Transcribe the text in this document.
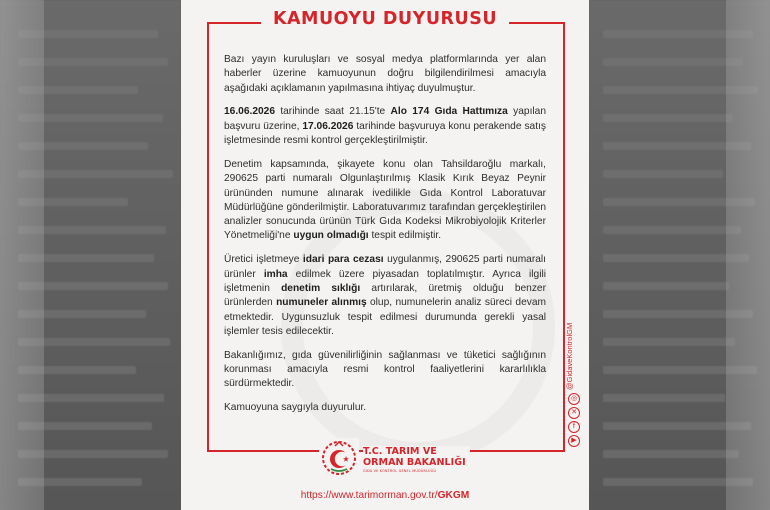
KAMUOYU DUYURUSU

Bazı yayın kuruluşları ve sosyal medya platformlarında yer alan haberler üzerine kamuoyunun doğru bilgilendirilmesi amacıyla aşağıdaki açıklamanın yapılmasına ihtiyaç duyulmuştur.

16.06.2026 tarihinde saat 21.15'te Alo 174 Gıda Hattımıza yapılan başvuru üzerine, 17.06.2026 tarihinde başvuruya konu perakende satış işletmesinde resmi kontrol gerçekleştirilmiştir.

Denetim kapsamında, şikayete konu olan Tahsildaroğlu markalı, 290625 parti numaralı Olgunlaştırılmış Klasik Kırık Beyaz Peynir ürününden numune alınarak ivedilikle Gıda Kontrol Laboratuvar Müdürlüğüne gönderilmiştir. Laboratuvarımız tarafından gerçekleştirilen analizler sonucunda ürünün Türk Gıda Kodeksi Mikrobiyolojik Kriterler Yönetmeliği'ne uygun olmadığı tespit edilmiştir.

Üretici işletmeye idari para cezası uygulanmış, 290625 parti numaralı ürünler imha edilmek üzere piyasadan toplatılmıştır. Ayrıca ilgili işletmenin denetim sıklığı artırılarak, üretmiş olduğu benzer ürünlerden numuneler alınmış olup, numunelerin analiz süreci devam etmektedir. Uygunsuzluk tespit edilmesi durumunda gerekli yasal işlemler tesis edilecektir.

Bakanlığımız, gıda güvenilirliğinin sağlanması ve tüketici sağlığının korunması amacıyla resmi kontrol faaliyetlerini kararlılıkla sürdürmektedir.

Kamuoyuna saygıyla duyurulur.

@GidaveKontrolGM
◎
✕
f
▶
T.C. TARIM VE
ORMAN BAKANLIĞI
GIDA VE KONTROL GENEL MÜDÜRLÜĞÜ
https://www.tarimorman.gov.tr/GKGM
